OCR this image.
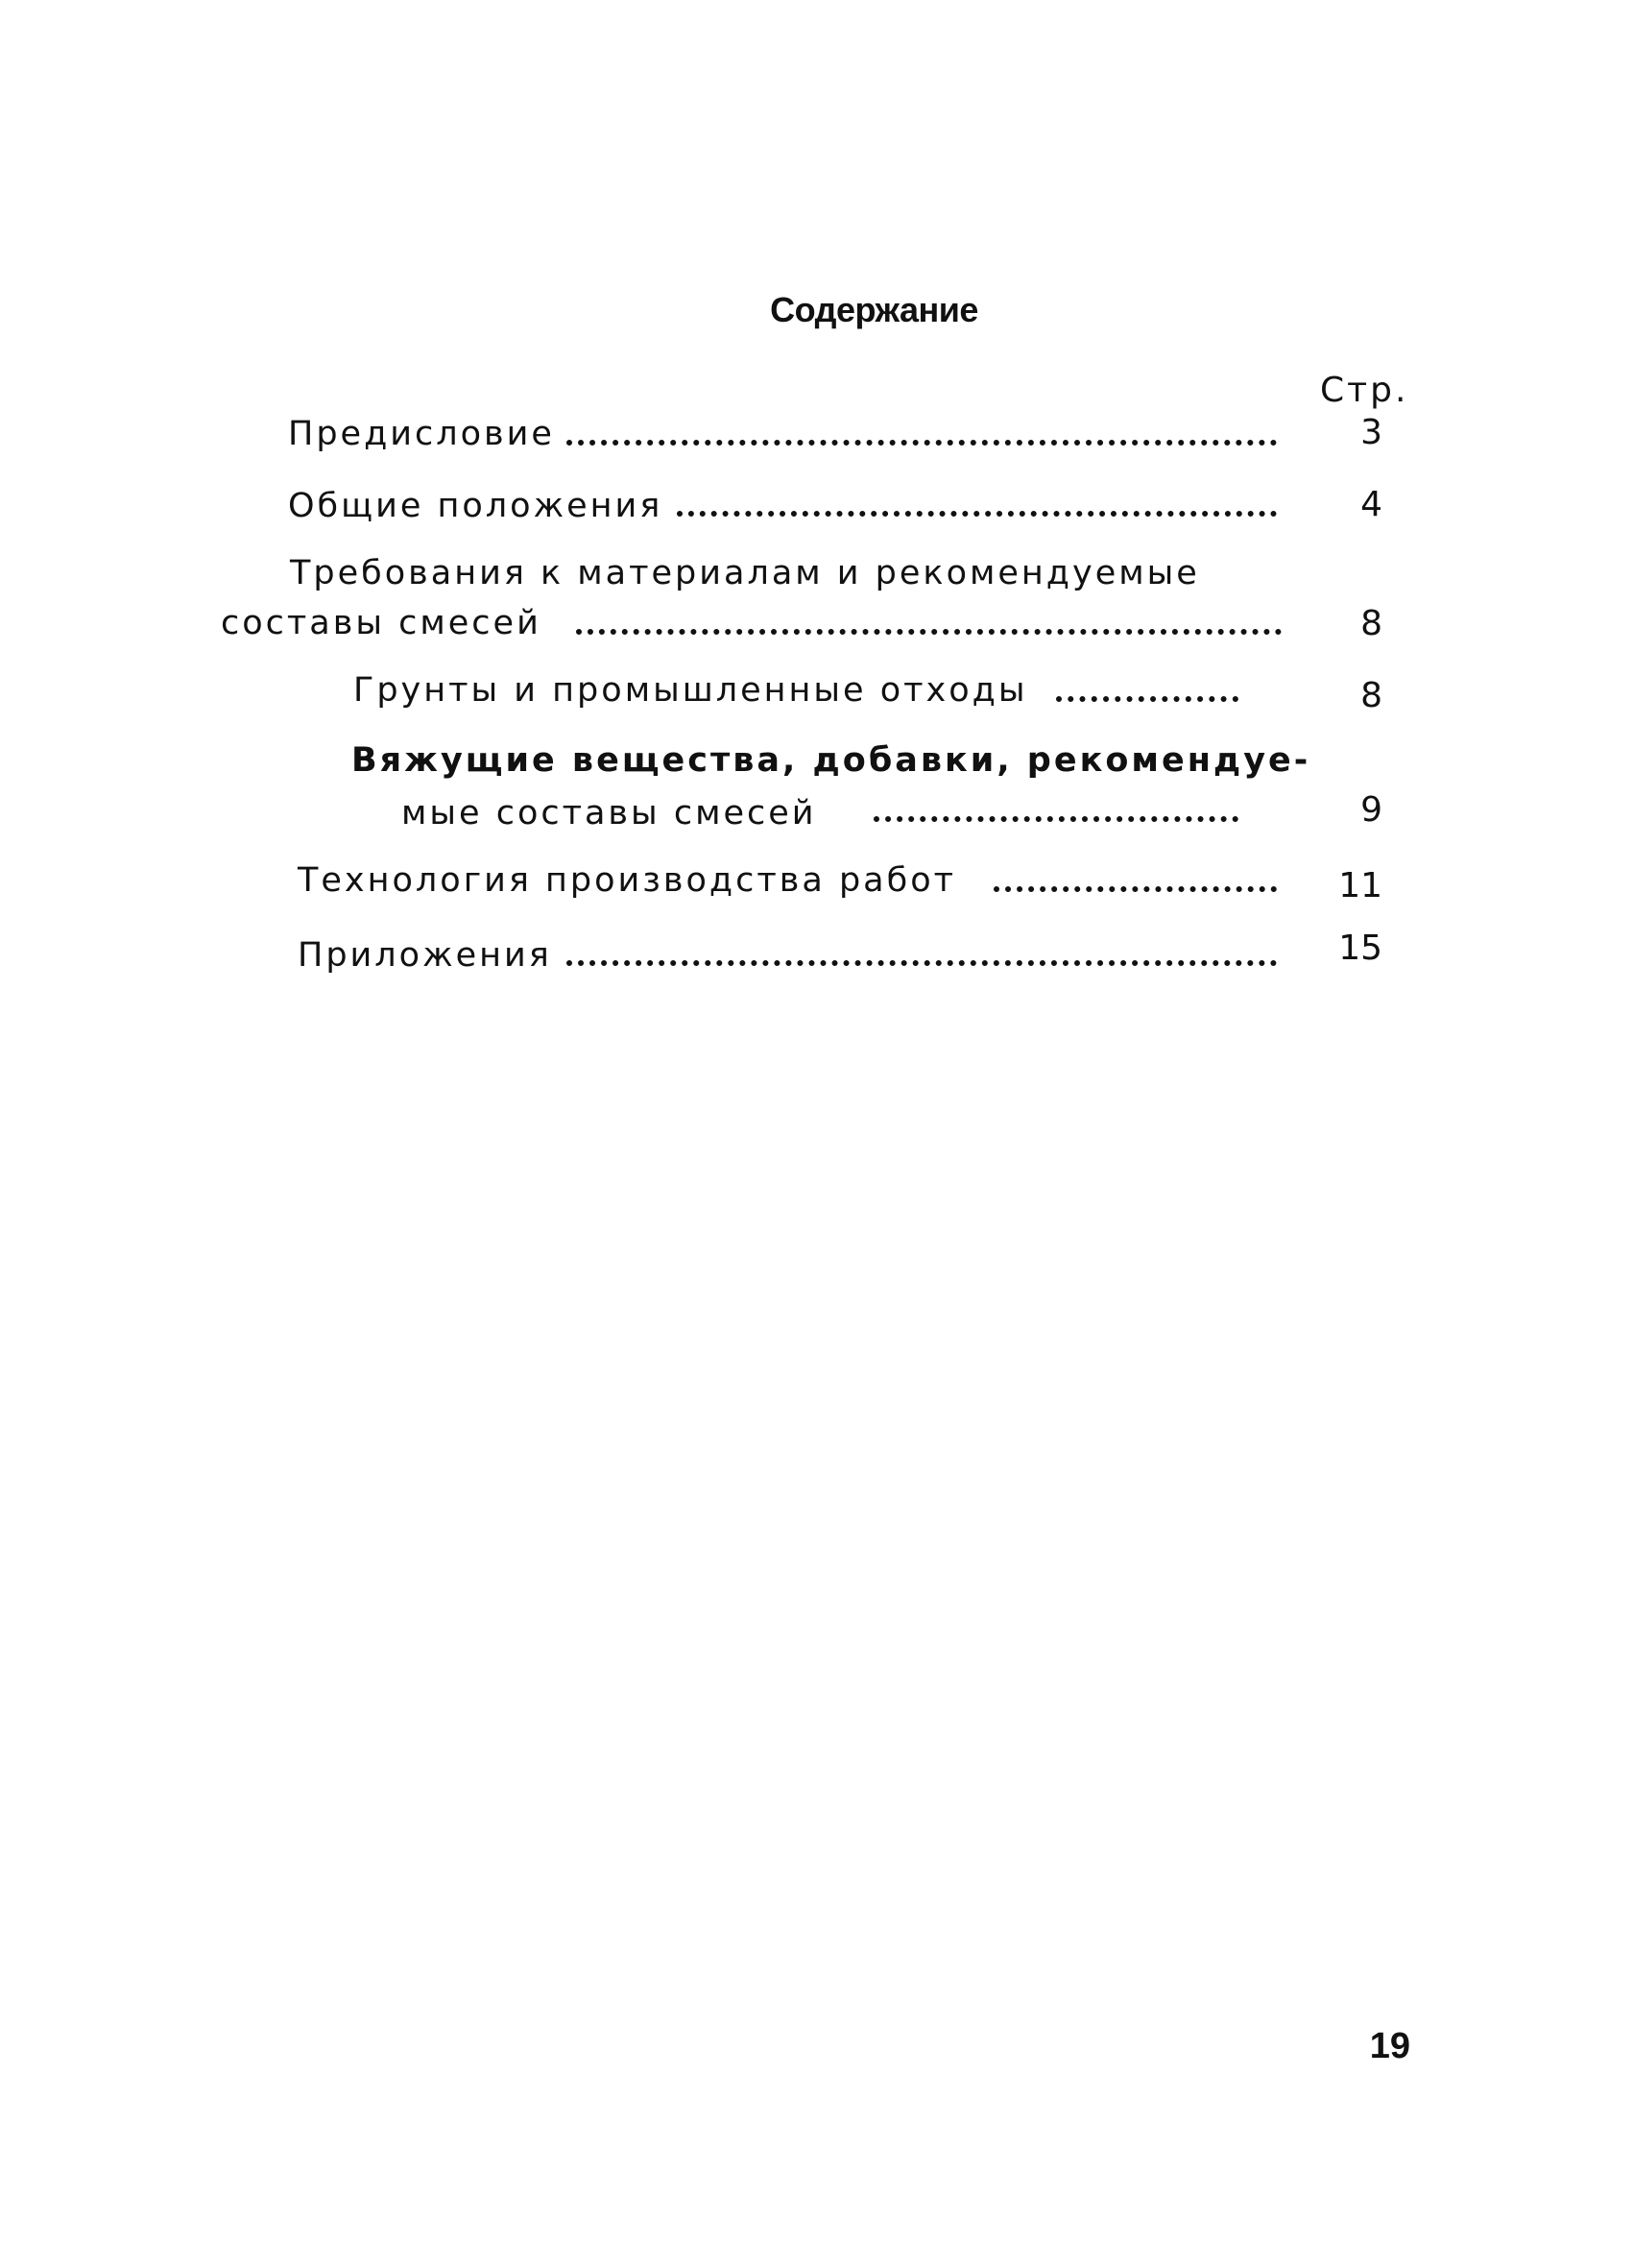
Содержание
Стр.
Предисловие	3
Общие положения	4
Требования к материалам и рекомендуемые
составы смесей	8
Грунты и промышленные отходы	8
Вяжущие вещества, добавки, рекомендуе-
мые составы смесей	9
Технология производства работ	11
Приложения	15
19
